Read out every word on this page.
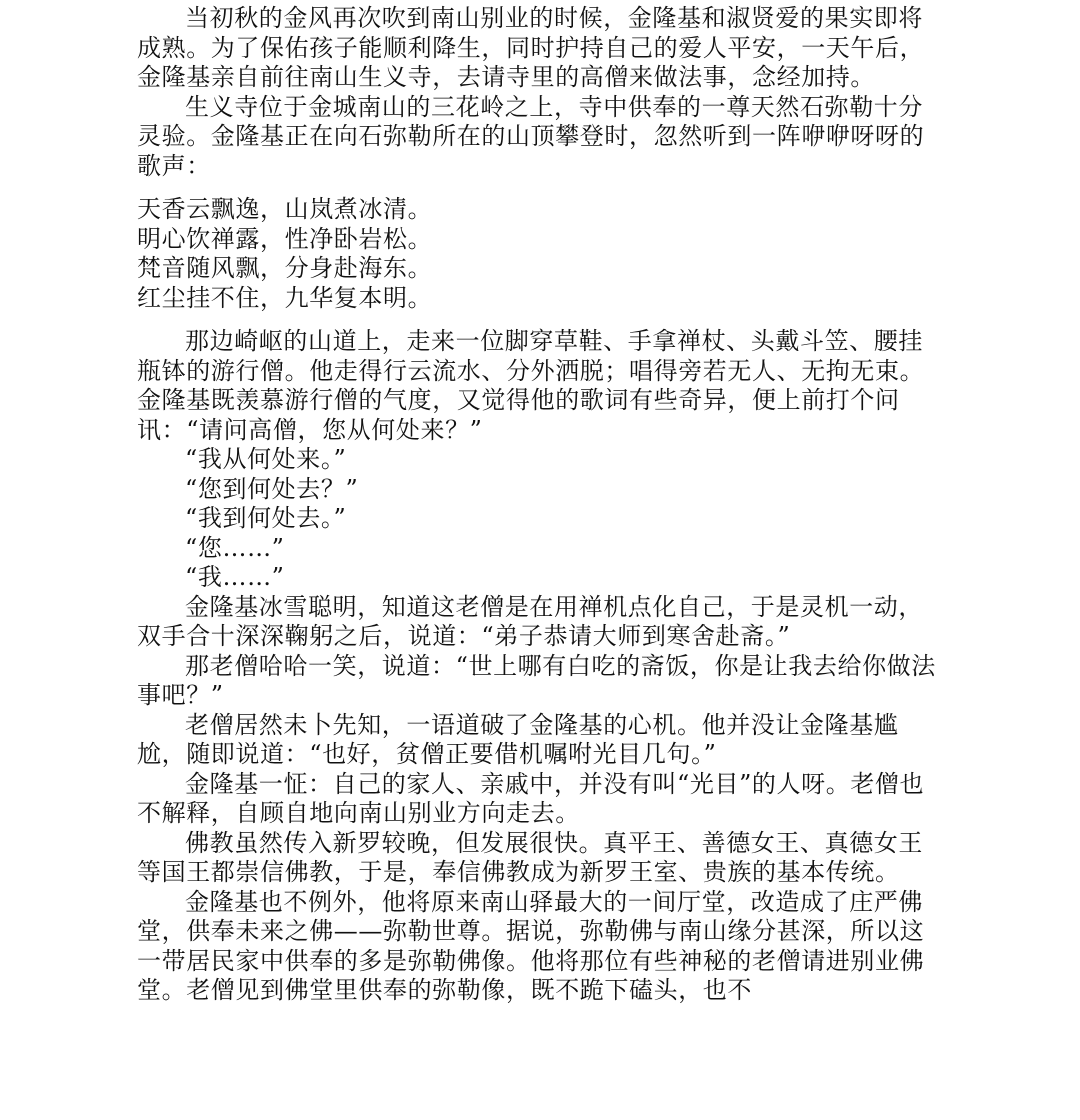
当初秋的金风再次吹到南山别业的时候，金隆基和淑贤爱的果实即将成熟。为了保佑孩子能顺利降生，同时护持自己的爱人平安，一天午后，金隆基亲自前往南山生义寺，去请寺里的高僧来做法事，念经加持。

生义寺位于金城南山的三花岭之上，寺中供奉的一尊天然石弥勒十分灵验。金隆基正在向石弥勒所在的山顶攀登时，忽然听到一阵咿咿呀呀的歌声：

天香云飘逸，山岚煮冰清。

明心饮禅露，性净卧岩松。

梵音随风飘，分身赴海东。

红尘挂不住，九华复本明。

那边崎岖的山道上，走来一位脚穿草鞋、手拿禅杖、头戴斗笠、腰挂瓶钵的游行僧。他走得行云流水、分外洒脱；唱得旁若无人、无拘无束。金隆基既羡慕游行僧的气度，又觉得他的歌词有些奇异，便上前打个问讯：“请问高僧，您从何处来？”

“我从何处来。”

“您到何处去？”

“我到何处去。”

“您……”

“我……”

金隆基冰雪聪明，知道这老僧是在用禅机点化自己，于是灵机一动，双手合十深深鞠躬之后，说道：“弟子恭请大师到寒舍赴斋。”

那老僧哈哈一笑，说道：“世上哪有白吃的斋饭，你是让我去给你做法事吧？”

老僧居然未卜先知，一语道破了金隆基的心机。他并没让金隆基尴尬，随即说道：“也好，贫僧正要借机嘱咐光目几句。”

金隆基一怔：自己的家人、亲戚中，并没有叫“光目”的人呀。老僧也不解释，自顾自地向南山别业方向走去。

佛教虽然传入新罗较晚，但发展很快。真平王、善德女王、真德女王等国王都崇信佛教，于是，奉信佛教成为新罗王室、贵族的基本传统。

金隆基也不例外，他将原来南山驿最大的一间厅堂，改造成了庄严佛堂，供奉未来之佛——弥勒世尊。据说，弥勒佛与南山缘分甚深，所以这一带居民家中供奉的多是弥勒佛像。他将那位有些神秘的老僧请进别业佛堂。老僧见到佛堂里供奉的弥勒像，既不跪下磕头，也不
